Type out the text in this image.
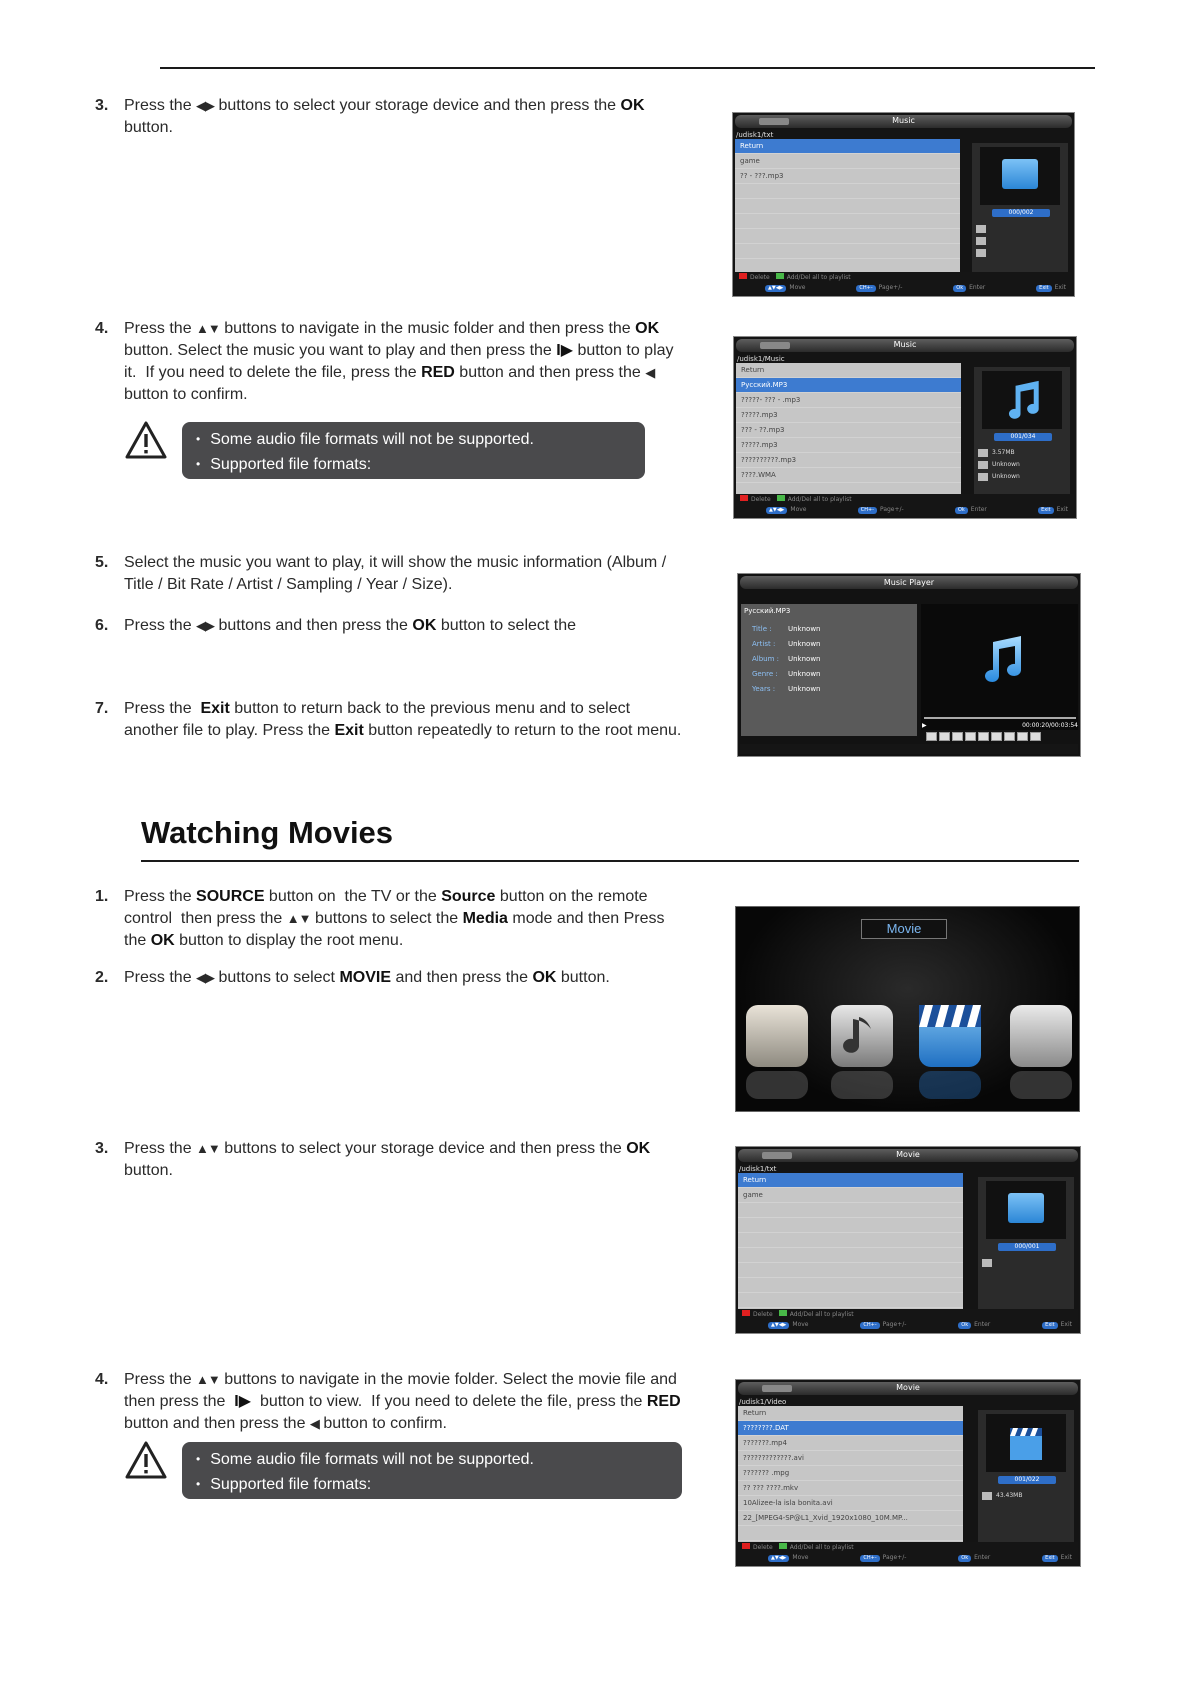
3. Press the ◀▶ buttons to select your storage device and then press the OK button.
4. Press the ▲▼ buttons to navigate in the music folder and then press the OK button. Select the music you want to play and then press the I▶ button to play it.  If you need to delete the file, press the RED button and then press the ◀ button to confirm.
• Some audio file formats will not be supported.
• Supported file formats:
5. Select the music you want to play, it will show the music information (Album / Title / Bit Rate / Artist / Sampling / Year / Size).
6. Press the ◀▶ buttons and then press the OK button to select the
7. Press the  Exit button to return back to the previous menu and to select another file to play. Press the Exit button repeatedly to return to the root menu.
Watching Movies
1. Press the SOURCE button on  the TV or the Source button on the remote control  then press the ▲▼ buttons to select the Media mode and then Press  the OK button to display the root menu.
2. Press the ◀▶ buttons to select MOVIE and then press the OK button.
3. Press the ▲▼ buttons to select your storage device and then press the OK button.
4. Press the ▲▼ buttons to navigate in the movie folder. Select the movie file and then press the  I▶  button to view.  If you need to delete the file, press the RED button and then press the ◀ button to confirm.
• Some audio file formats will not be supported.
• Supported file formats:
Music
/udisk1/txt
Return
game
?? - ???.mp3
000/002
Delete	Add/Del all to playlist
▲▼◀▶ Move	CH+- Page+/-	Ok Enter	Exit Exit
Music
/udisk1/Music
Return
Русский.MP3
?????- ??? - .mp3
?????.mp3
??? - ??.mp3
?????.mp3
??????????.mp3
????.WMA
001/034
3.57MB
Unknown
Unknown
Delete	Add/Del all to playlist
▲▼◀▶ Move	CH+- Page+/-	Ok Enter	Exit Exit
Music Player
Русский.MP3
Title : Unknown
Artist : Unknown
Album : Unknown
Genre : Unknown
Years : Unknown
▶	00:00:20/00:03:54
Movie
Movie
/udisk1/txt
Return
game
000/001
Delete	Add/Del all to playlist
▲▼◀▶ Move	CH+- Page+/-	Ok Enter	Exit Exit
Movie
/udisk1/Video
Return
????????.DAT
???????.mp4
?????????????.avi
??????? .mpg
?? ??? ????.mkv
10Alizee-la isla bonita.avi
22_[MPEG4-SP@L1_Xvid_1920x1080_10M.MP...
001/022
43.43MB
Delete	Add/Del all to playlist
▲▼◀▶ Move	CH+- Page+/-	Ok Enter	Exit Exit
